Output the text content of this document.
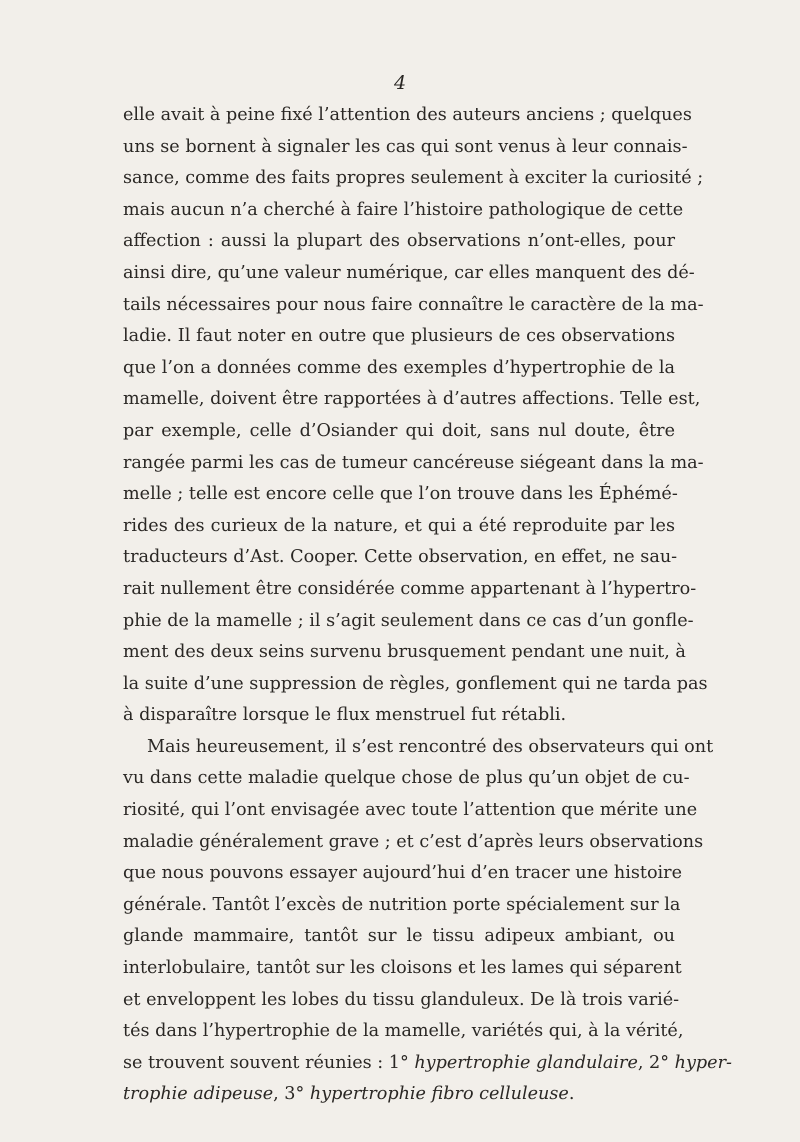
4
elle avait à peine fixé l’attention des auteurs anciens ; quelques
uns se bornent à signaler les cas qui sont venus à leur connais-
sance, comme des faits propres seulement à exciter la curiosité ;
mais aucun n’a cherché à faire l’histoire pathologique de cette
affection : aussi la plupart des observations n’ont-elles, pour
ainsi dire, qu’une valeur numérique, car elles manquent des dé-
tails nécessaires pour nous faire connaître le caractère de la ma-
ladie. Il faut noter en outre que plusieurs de ces observations
que l’on a données comme des exemples d’hypertrophie de la
mamelle, doivent être rapportées à d’autres affections. Telle est,
par exemple, celle d’Osiander qui doit, sans nul doute, être
rangée parmi les cas de tumeur cancéreuse siégeant dans la ma-
melle ; telle est encore celle que l’on trouve dans les Éphémé-
rides des curieux de la nature, et qui a été reproduite par les
traducteurs d’Ast. Cooper. Cette observation, en effet, ne sau-
rait nullement être considérée comme appartenant à l’hypertro-
phie de la mamelle ; il s’agit seulement dans ce cas d’un gonfle-
ment des deux seins survenu brusquement pendant une nuit, à
la suite d’une suppression de règles, gonflement qui ne tarda pas
à disparaître lorsque le flux menstruel fut rétabli.
Mais heureusement, il s’est rencontré des observateurs qui ont
vu dans cette maladie quelque chose de plus qu’un objet de cu-
riosité, qui l’ont envisagée avec toute l’attention que mérite une
maladie généralement grave ; et c’est d’après leurs observations
que nous pouvons essayer aujourd’hui d’en tracer une histoire
générale. Tantôt l’excès de nutrition porte spécialement sur la
glande mammaire, tantôt sur le tissu adipeux ambiant, ou
interlobulaire, tantôt sur les cloisons et les lames qui séparent
et enveloppent les lobes du tissu glanduleux. De là trois varié-
tés dans l’hypertrophie de la mamelle, variétés qui, à la vérité,
se trouvent souvent réunies : 1° hypertrophie glandulaire, 2° hyper-
trophie adipeuse, 3° hypertrophie fibro celluleuse.
